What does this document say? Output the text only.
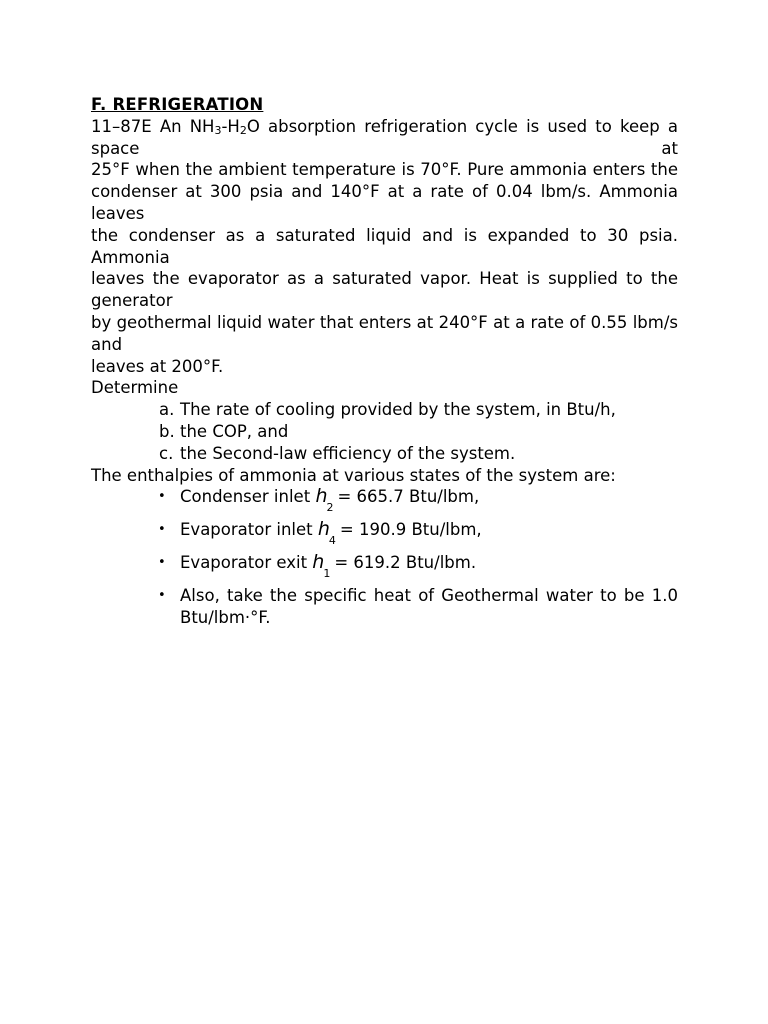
F. REFRIGERATION
11–87E An $NH_3-H_2O$ absorption refrigeration cycle is used to keep a space at
25°F when the ambient temperature is 70°F. Pure ammonia enters the
condenser at 300 psia and 140°F at a rate of 0.04 lbm/s. Ammonia leaves
the condenser as a saturated liquid and is expanded to 30 psia. Ammonia
leaves the evaporator as a saturated vapor. Heat is supplied to the generator
by geothermal liquid water that enters at 240°F at a rate of 0.55 lbm/s and
leaves at 200°F.
Determine
a. The rate of cooling provided by the system, in Btu/h,
b. the COP, and
c. the Second-law efficiency of the system.
The enthalpies of ammonia at various states of the system are:
• Condenser inlet $h_2= 665.7$ Btu/lbm,
• Evaporator inlet $h_4= 190.9$ Btu/lbm,
• Evaporator exit $h_1= 619.2$ Btu/lbm.
• Also, take the specific heat of Geothermal water to be 1.0
Btu/lbm·°F.
